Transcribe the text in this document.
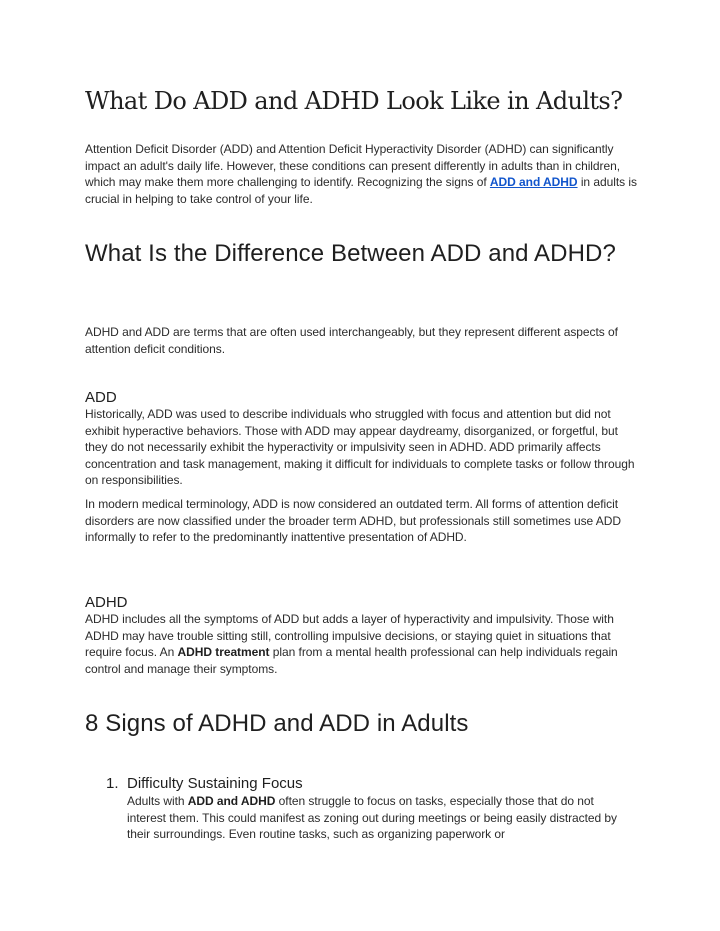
What Do ADD and ADHD Look Like in Adults?

Attention Deficit Disorder (ADD) and Attention Deficit Hyperactivity Disorder (ADHD) can significantly impact an adult's daily life. However, these conditions can present differently in adults than in children, which may make them more challenging to identify. Recognizing the signs of ADD and ADHD in adults is crucial in helping to take control of your life.

What Is the Difference Between ADD and ADHD?

ADHD and ADD are terms that are often used interchangeably, but they represent different aspects of attention deficit conditions.

ADD

Historically, ADD was used to describe individuals who struggled with focus and attention but did not exhibit hyperactive behaviors. Those with ADD may appear daydreamy, disorganized, or forgetful, but they do not necessarily exhibit the hyperactivity or impulsivity seen in ADHD. ADD primarily affects concentration and task management, making it difficult for individuals to complete tasks or follow through on responsibilities.

In modern medical terminology, ADD is now considered an outdated term. All forms of attention deficit disorders are now classified under the broader term ADHD, but professionals still sometimes use ADD informally to refer to the predominantly inattentive presentation of ADHD.

ADHD

ADHD includes all the symptoms of ADD but adds a layer of hyperactivity and impulsivity. Those with ADHD may have trouble sitting still, controlling impulsive decisions, or staying quiet in situations that require focus. An ADHD treatment plan from a mental health professional can help individuals regain control and manage their symptoms.

8 Signs of ADHD and ADD in Adults
1. Difficulty Sustaining Focus

Adults with ADD and ADHD often struggle to focus on tasks, especially those that do not interest them. This could manifest as zoning out during meetings or being easily distracted by their surroundings. Even routine tasks, such as organizing paperwork or
